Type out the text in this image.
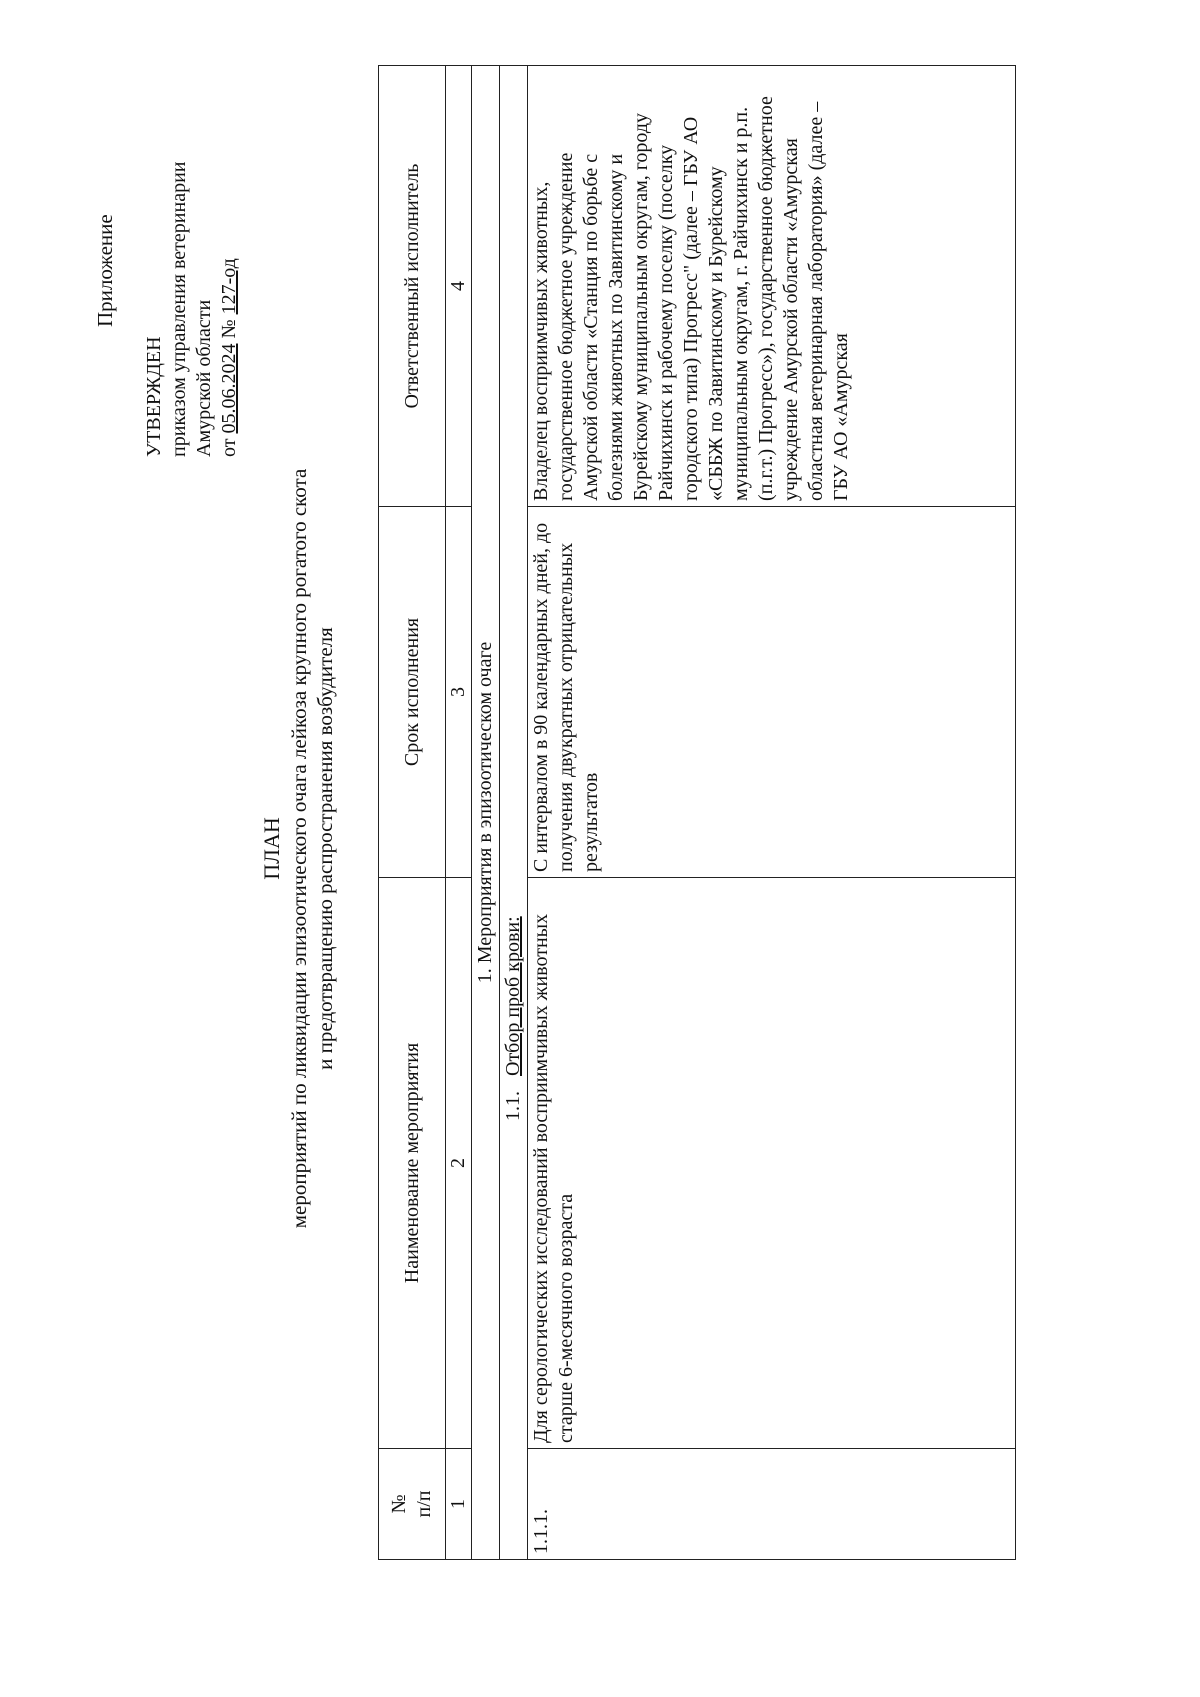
Приложение
УТВЕРЖДЕН приказом управления ветеринарии Амурской области от 05.06.2024 № 127-од
ПЛАН мероприятий по ликвидации эпизоотического очага лейкоза крупного рогатого скота и предотвращению распространения возбудителя
№
п/п	Наименование мероприятия	Срок исполнения	Ответственный исполнитель
1	2	3	4
1. Мероприятия в эпизоотическом очаге			
1.1.   Отбор проб крови:			
1.1.1.	Для серологических исследований восприимчивых животных старше 6-месячного возраста	С интервалом в 90 календарных дней, до получения двукратных отрицательных результатов	Владелец восприимчивых животных, государственное бюджетное учреждение Амурской области «Станция по борьбе с болезнями животных по Завитинскому и Бурейскому муниципальным округам, городу Райчихинск и рабочему поселку (поселку городского типа) Прогресс" (далее – ГБУ АО «СББЖ по Завитинскому и Бурейскому муниципальным округам, г. Райчихинск и р.п. (п.г.т.) Прогресс»), государственное бюджетное учреждение Амурской области «Амурская областная ветеринарная лаборатория» (далее – ГБУ АО «Амурская
